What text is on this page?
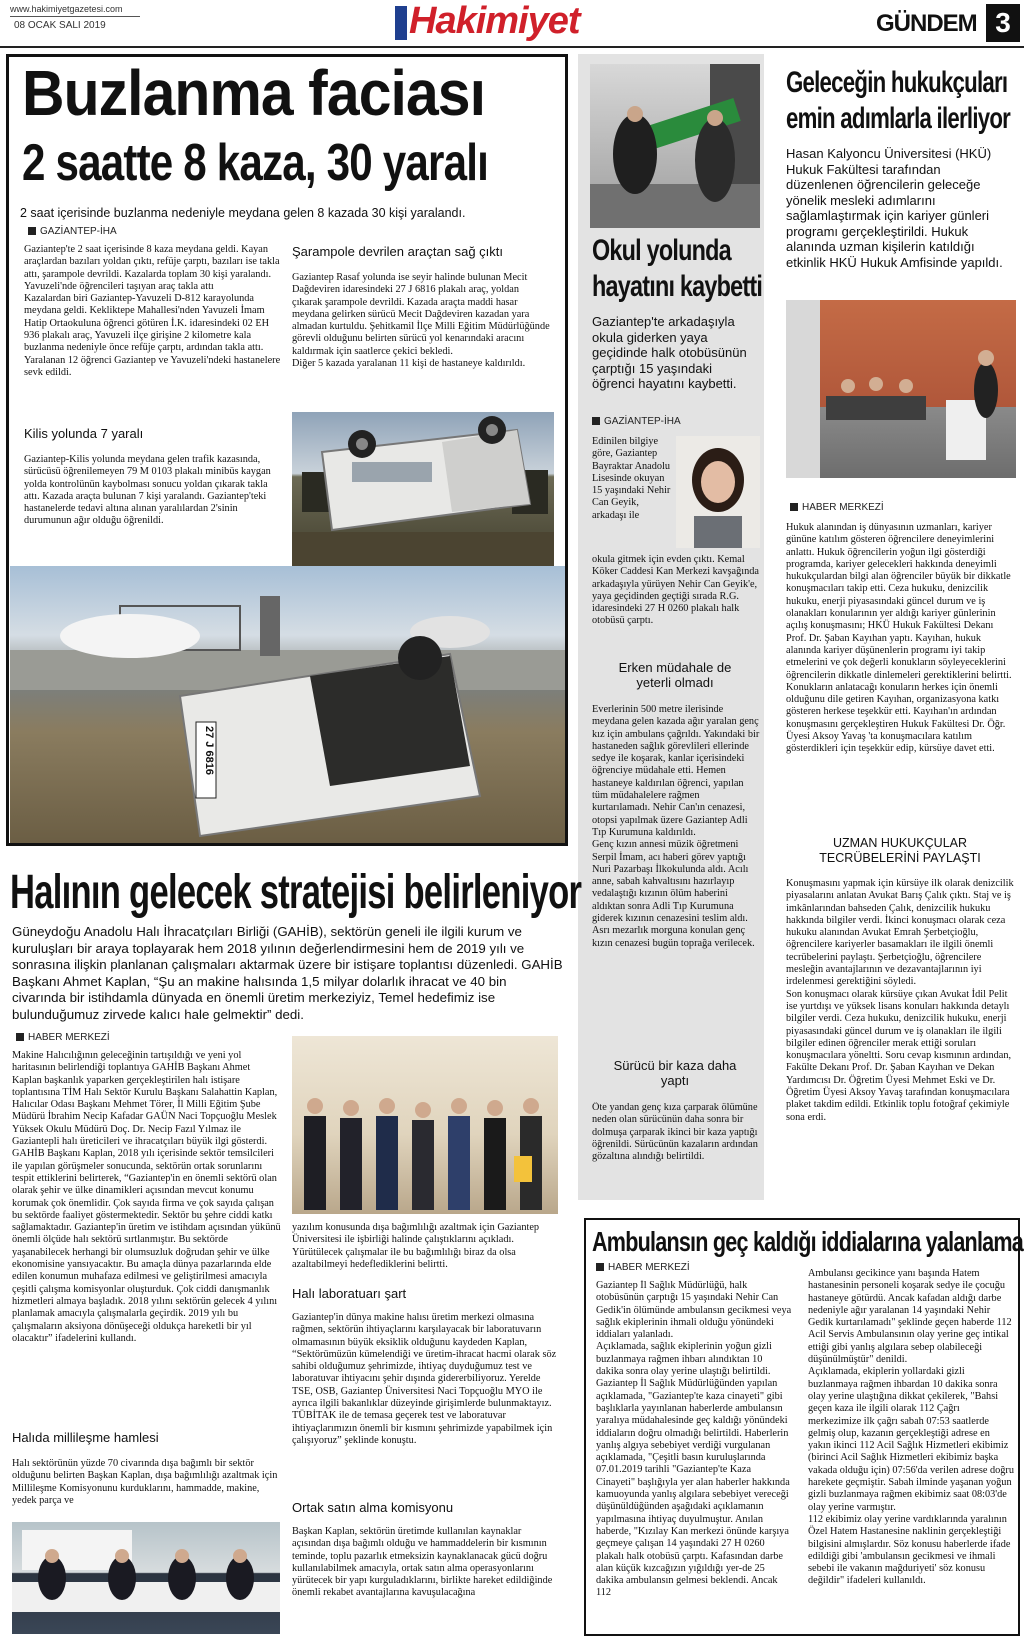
www.hakimiyetgazetesi.com
08 OCAK SALI 2019	Hakimiyet	GÜNDEM 3
Buzlanma faciası
2 saatte 8 kaza, 30 yaralı
2 saat içerisinde buzlanma nedeniyle meydana gelen 8 kazada 30 kişi yaralandı.
GAZİANTEP-İHA
Gaziantep'te 2 saat içerisinde 8 kaza meydana geldi. Kayan araçlardan bazıları yoldan çıktı, refüje çarptı, bazıları ise takla attı, şarampole devrildi. Kazalarda toplam 30 kişi yaralandı.
Yavuzeli'nde öğrencileri taşıyan araç takla attı
Kazalardan biri Gaziantep-Yavuzeli D-812 karayolunda meydana geldi. Kekliktepe Mahallesi'nden Yavuzeli İmam Hatip Ortaokuluna öğrenci götüren İ.K. idaresindeki 02 EH 936 plakalı araç, Yavuzeli ilçe girişine 2 kilometre kala buzlanma nedeniyle önce refüje çarptı, ardından takla attı. Yaralanan 12 öğrenci Gaziantep ve Yavuzeli'ndeki hastanelere sevk edildi.
Kilis yolunda 7 yaralı
Gaziantep-Kilis yolunda meydana gelen trafik kazasında, sürücüsü öğrenilemeyen 79 M 0103 plakalı minibüs kaygan yolda kontrolünün kaybolması sonucu yoldan çıkarak takla attı. Kazada araçta bulunan 7 kişi yaralandı. Gaziantep'teki hastanelerde tedavi altına alınan yaralılardan 2'sinin durumunun ağır olduğu öğrenildi.
Şarampole devrilen araçtan sağ çıktı
Gaziantep Rasaf yolunda ise seyir halinde bulunan Mecit Dağdeviren idaresindeki 27 J 6816 plakalı araç, yoldan çıkarak şarampole devrildi. Kazada araçta maddi hasar meydana gelirken sürücü Mecit Dağdeviren kazadan yara almadan kurtuldu. Şehitkamil İlçe Milli Eğitim Müdürlüğünde görevli olduğunu belirten sürücü yol kenarındaki aracını kaldırmak için saatlerce çekici bekledi.
Diğer 5 kazada yaralanan 11 kişi de hastaneye kaldırıldı.
27 J 6816
Okul yolunda
hayatını kaybetti
Gaziantep'te arkadaşıyla okula giderken yaya geçidinde halk otobüsünün çarptığı 15 yaşındaki öğrenci hayatını kaybetti.
GAZİANTEP-İHA
Edinilen bilgiye göre, Gaziantep Bayraktar Anadolu Lisesinde okuyan 15 yaşındaki Nehir Can Geyik, arkadaşı ile
okula gitmek için evden çıktı. Kemal Köker Caddesi Kan Merkezi kavşağında arkadaşıyla yürüyen Nehir Can Geyik'e, yaya geçidinden geçtiği sırada R.G. idaresindeki 27 H 0260 plakalı halk otobüsü çarptı.
Erken müdahale de yeterli olmadı
Everlerinin 500 metre ilerisinde meydana gelen kazada ağır yaralan genç kız için ambulans çağrıldı. Yakındaki bir hastaneden sağlık görevlileri ellerinde sedye ile koşarak, kanlar içerisindeki öğrenciye müdahale etti. Hemen hastaneye kaldırılan öğrenci, yapılan tüm müdahalelere rağmen kurtarılamadı. Nehir Can'ın cenazesi, otopsi yapılmak üzere Gaziantep Adli Tıp Kurumuna kaldırıldı.
Genç kızın annesi müzik öğretmeni Serpil İmam, acı haberi görev yaptığı Nuri Pazarbaşı İlkokulunda aldı. Acılı anne, sabah kahvaltısını hazırlayıp vedalaştığı kızının ölüm haberini aldıktan sonra Adli Tıp Kurumuna giderek kızının cenazesini teslim aldı. Asrı mezarlık morguna konulan genç kızın cenazesi bugün toprağa verilecek.
Sürücü bir kaza daha yaptı
Öte yandan genç kıza çarparak ölümüne neden olan sürücünün daha sonra bir dolmuşa çarparak ikinci bir kaza yaptığı öğrenildi. Sürücünün kazaların ardından gözaltına alındığı belirtildi.
Geleceğin hukukçuları
emin adımlarla ilerliyor
Hasan Kalyoncu Üniversitesi (HKÜ) Hukuk Fakültesi tarafından düzenlenen öğrencilerin geleceğe yönelik mesleki adımlarını sağlamlaştırmak için kariyer günleri programı gerçekleştirildi. Hukuk alanında uzman kişilerin katıldığı etkinlik HKÜ Hukuk Amfisinde yapıldı.
HABER MERKEZİ
Hukuk alanından iş dünyasının uzmanları, kariyer gününe katılım gösteren öğrencilere deneyimlerini anlattı. Hukuk öğrencilerin yoğun ilgi gösterdiği programda, kariyer gelecekleri hakkında deneyimli hukukçulardan bilgi alan öğrenciler büyük bir dikkatle konuşmacıları takip etti. Ceza hukuku, denizcilik hukuku, enerji piyasasındaki güncel durum ve iş olanakları konularının yer aldığı kariyer günlerinin açılış konuşmasını; HKÜ Hukuk Fakültesi Dekanı Prof. Dr. Şaban Kayıhan yaptı. Kayıhan, hukuk alanında kariyer düşünenlerin programı iyi takip etmelerini ve çok değerli konukların söyleyeceklerini öğrencilerin dikkatle dinlemeleri gerektiklerini belirtti. Konukların anlatacağı konuların herkes için önemli olduğunu dile getiren Kayıhan, organizasyona katkı gösteren herkese teşekkür etti. Kayıhan'ın ardından konuşmasını gerçekleştiren Hukuk Fakültesi Dr. Öğr. Üyesi Aksoy Yavaş 'ta konuşmacılara katılım gösterdikleri için teşekkür edip, kürsüye davet etti.
UZMAN HUKUKÇULAR TECRÜBELERİNİ PAYLAŞTI
Konuşmasını yapmak için kürsüye ilk olarak denizcilik piyasalarını anlatan Avukat Barış Çalık çıktı. Staj ve iş imkânlarından bahseden Çalık, denizcilik hukuku hakkında bilgiler verdi. İkinci konuşmacı olarak ceza hukuku alanından Avukat Emrah Şerbetçioğlu, öğrencilere kariyerler basamakları ile ilgili önemli tecrübelerini paylaştı. Şerbetçioğlu, öğrencilere mesleğin avantajlarının ve dezavantajlarının iyi irdelenmesi gerektiğini söyledi.
Son konuşmacı olarak kürsüye çıkan Avukat İdil Pelit ise yurtdışı ve yüksek lisans konuları hakkında detaylı bilgiler verdi. Ceza hukuku, denizcilik hukuku, enerji piyasasındaki güncel durum ve iş olanakları ile ilgili bilgiler edinen öğrenciler merak ettiği soruları konuşmacılara yöneltti. Soru cevap kısmının ardından, Fakülte Dekanı Prof. Dr. Şaban Kayıhan ve Dekan Yardımcısı Dr. Öğretim Üyesi Mehmet Eski ve Dr. Öğretim Üyesi Aksoy Yavaş tarafından konuşmacılara plaket takdim edildi. Etkinlik toplu fotoğraf çekimiyle sona erdi.
Halının gelecek stratejisi belirleniyor
Güneydoğu Anadolu Halı İhracatçıları Birliği (GAHİB), sektörün geneli ile ilgili kurum ve kuruluşları bir araya toplayarak hem 2018 yılının değerlendirmesini hem de 2019 yılı ve sonrasına ilişkin planlanan çalışmaları aktarmak üzere bir istişare toplantısı düzenledi. GAHİB Başkanı Ahmet Kaplan, “Şu an makine halısında 1,5 milyar dolarlık ihracat ve 40 bin civarında bir istihdamla dünyada en önemli üretim merkeziyiz, Temel hedefimiz ise bulunduğumuz zirvede kalıcı hale gelmektir” dedi.
HABER MERKEZİ
Makine Halıcılığının geleceğinin tartışıldığı ve yeni yol haritasının belirlendiği toplantıya GAHİB Başkanı Ahmet Kaplan başkanlık yaparken gerçekleştirilen halı istişare toplantısına TİM Halı Sektör Kurulu Başkanı Salahattin Kaplan, Halıcılar Odası Başkanı Mehmet Törer, İl Milli Eğitim Şube Müdürü İbrahim Necip Kafadar GAÜN Naci Topçuoğlu Meslek Yüksek Okulu Müdürü Doç. Dr. Necip Fazıl Yılmaz ile Gaziantepli halı üreticileri ve ihracatçıları büyük ilgi gösterdi. GAHİB Başkanı Kaplan, 2018 yılı içerisinde sektör temsilcileri ile yapılan görüşmeler sonucunda, sektörün ortak sorunlarını tespit ettiklerini belirterek, “Gaziantep'in en önemli sektörü olan olarak şehir ve ülke dinamikleri açısından mevcut konumu korumak çok önemlidir. Çok sayıda firma ve çok sayıda çalışan bu sektörde faaliyet göstermektedir. Sektör bu şehre ciddi katkı sağlamaktadır. Gaziantep'in üretim ve istihdam açısından yükünü önemli ölçüde halı sektörü sırtlanmıştır. Bu sektörde yaşanabilecek herhangi bir olumsuzluk doğrudan şehir ve ülke ekonomisine yansıyacaktır. Bu amaçla dünya pazarlarında elde edilen konumun muhafaza edilmesi ve geliştirilmesi amacıyla çeşitli çalışma komisyonlar oluşturduk. Çok ciddi danışmanlık hizmetleri almaya başladık. 2018 yılını sektörün gelecek 4 yılını planlamak amacıyla çalışmalarla geçirdik. 2019 yılı bu çalışmaların aksiyona dönüşeceği oldukça hareketli bir yıl olacaktır” ifadelerini kullandı.
Halıda millileşme hamlesi
Halı sektörünün yüzde 70 civarında dışa bağımlı bir sektör olduğunu belirten Başkan Kaplan, dışa bağımlılığı azaltmak için Millileşme Komisyonunu kurduklarını, hammadde, makine, yedek parça ve
yazılım konusunda dışa bağımlılığı azaltmak için Gaziantep Üniversitesi ile işbirliği halinde çalıştıklarını açıkladı. Yürütülecek çalışmalar ile bu bağımlılığı biraz da olsa azaltabilmeyi hedeflediklerini belirtti.
Halı laboratuarı şart
Gaziantep'in dünya makine halısı üretim merkezi olmasına rağmen, sektörün ihtiyaçlarını karşılayacak bir laboratuvarın olmamasının büyük eksiklik olduğunu kaydeden Kaplan, “Sektörümüzün kümelendiği ve üretim-ihracat hacmi olarak söz sahibi olduğumuz şehrimizde, ihtiyaç duyduğumuz test ve laboratuvar ihtiyacını şehir dışında gidererbiliyoruz. Yerelde TSE, OSB, Gaziantep Üniversitesi Naci Topçuoğlu MYO ile ayrıca ilgili bakanlıklar düzeyinde girişimlerde bulunmaktayız. TÜBİTAK ile de temasa geçerek test ve laboratuvar ihtiyaçlarımızın önemli bir kısmını şehrimizde yapabilmek için çalışıyoruz” şeklinde konuştu.
Ortak satın alma komisyonu
Başkan Kaplan, sektörün üretimde kullanılan kaynaklar açısından dışa bağımlı olduğu ve hammaddelerin bir kısmının teminde, toplu pazarlık etmeksizin kaynaklanacak gücü doğru kullanılabilmek amacıyla, ortak satın alma operasyonlarını yürütecek bir yapı kurguladıklarını, birlikte hareket edildiğinde önemli rekabet avantajlarına kavuşulacağına
Ambulansın geç kaldığı iddialarına yalanlama
HABER MERKEZİ
Gaziantep İl Sağlık Müdürlüğü, halk otobüsünün çarptığı 15 yaşındaki Nehir Can Gedik'in ölümünde ambulansın gecikmesi veya sağlık ekiplerinin ihmali olduğu yönündeki iddiaları yalanladı.
Açıklamada, sağlık ekiplerinin yoğun gizli buzlanmaya rağmen ihbarı alındıktan 10 dakika sonra olay yerine ulaştığı belirtildi. Gaziantep İl Sağlık Müdürlüğünden yapılan açıklamada, "Gaziantep'te kaza cinayeti" gibi başlıklarla yayınlanan haberlerde ambulansın yaralıya müdahalesinde geç kaldığı yönündeki iddiaların doğru olmadığı belirtildi. Haberlerin yanlış algıya sebebiyet verdiği vurgulanan açıklamada, "Çeşitli basın kuruluşlarında 07.01.2019 tarihli "Gaziantep'te Kaza Cinayeti" başlığıyla yer alan haberler hakkında kamuoyunda yanlış algılara sebebiyet vereceği düşünüldüğünden aşağıdaki açıklamanın yapılmasına ihtiyaç duyulmuştur. Anılan haberde, "Kızılay Kan merkezi önünde karşıya geçmeye çalışan 14 yaşındaki 27 H 0260 plakalı halk otobüsü çarptı. Kafasından darbe alan küçük kızcağızın yığıldığı yer-de 25 dakika ambulansın gelmesi beklendi. Ancak 112
Ambulansı gecikince yanı başında Hatem hastanesinin personeli koşarak sedye ile çocuğu hastaneye götürdü. Ancak kafadan aldığı darbe nedeniyle ağır yaralanan 14 yaşındaki Nehir Gedik kurtarılamadı" şeklinde geçen haberde 112 Acil Servis Ambulansının olay yerine geç intikal ettiği gibi yanlış algılara sebep olabileceği düşünülmüştür" denildi.
Açıklamada, ekiplerin yollardaki gizli buzlanmaya rağmen ihbardan 10 dakika sonra olay yerine ulaştığına dikkat çekilerek, "Bahsi geçen kaza ile ilgili olarak 112 Çağrı merkezimize ilk çağrı sabah 07:53 saatlerde gelmiş olup, kazanın gerçekleştiği adrese en yakın ikinci 112 Acil Sağlık Hizmetleri ekibimiz (birinci Acil Sağlık Hizmetleri ekibimiz başka vakada olduğu için) 07:56'da verilen adrese doğru harekete geçmiştir. Sabah ilminde yaşanan yoğun gizli buzlanmaya rağmen ekibimiz saat 08:03'de olay yerine varmıştır.
112 ekibimiz olay yerine vardıklarında yaralının Özel Hatem Hastanesine naklinin gerçekleştiği bilgisini almışlardır. Söz konusu haberlerde ifade edildiği gibi 'ambulansın gecikmesi ve ihmali sebebi ile vakanın mağduriyeti' söz konusu değildir" ifadeleri kullanıldı.
